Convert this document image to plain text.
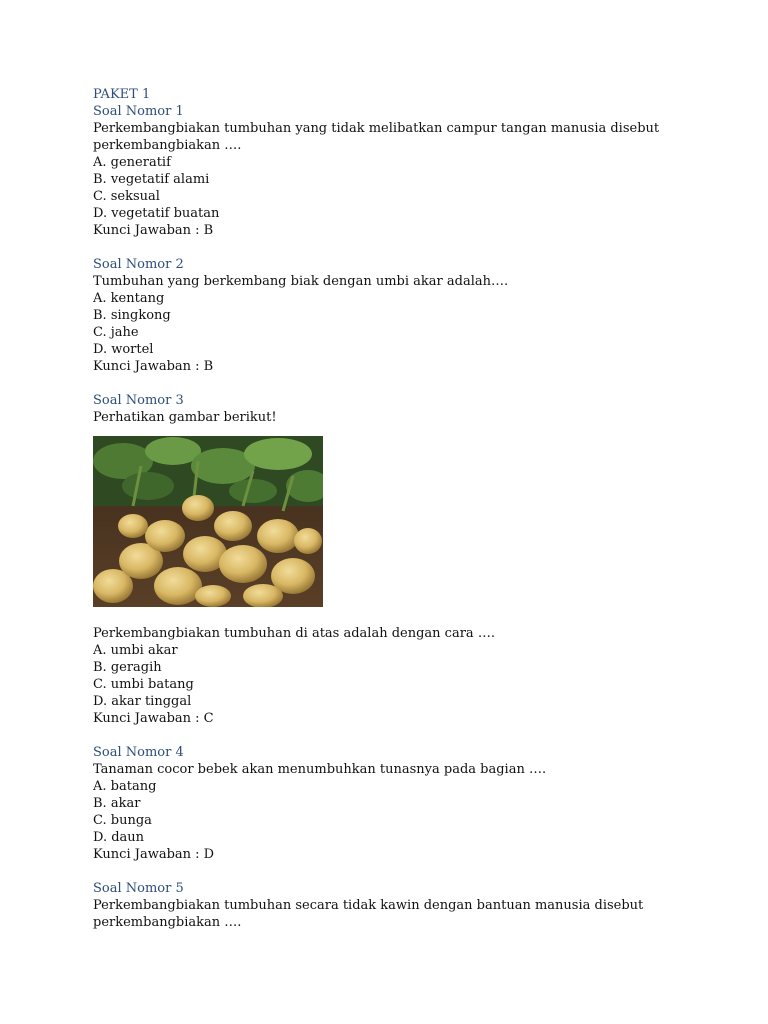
PAKET 1
Soal Nomor 1
Perkembangbiakan tumbuhan yang tidak melibatkan campur tangan manusia disebut
perkembangbiakan ….
A. generatif
B. vegetatif alami
C. seksual
D. vegetatif buatan
Kunci Jawaban : B
Soal Nomor 2
Tumbuhan yang berkembang biak dengan umbi akar adalah….
A. kentang
B. singkong
C. jahe
D. wortel
Kunci Jawaban : B
Soal Nomor 3
Perhatikan gambar berikut!
Perkembangbiakan tumbuhan di atas adalah dengan cara ….
A. umbi akar
B. geragih
C. umbi batang
D. akar tinggal
Kunci Jawaban : C
Soal Nomor 4
Tanaman cocor bebek akan menumbuhkan tunasnya pada bagian ….
A. batang
B. akar
C. bunga
D. daun
Kunci Jawaban : D
Soal Nomor 5
Perkembangbiakan tumbuhan secara tidak kawin dengan bantuan manusia disebut
perkembangbiakan ….
